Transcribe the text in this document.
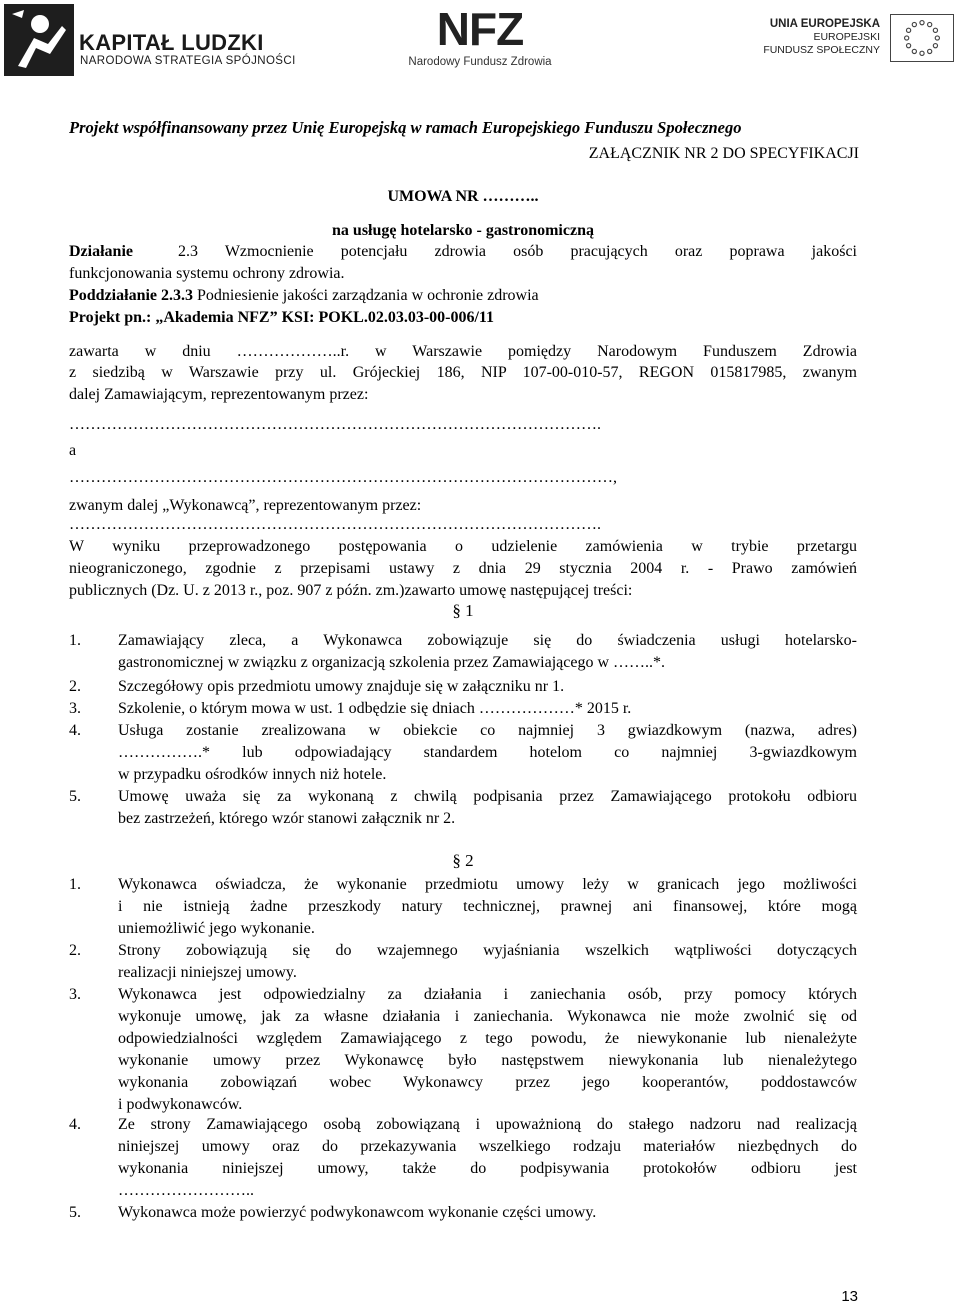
KAPITAŁ LUDZKI
NARODOWA STRATEGIA SPÓJNOŚCI
NFZ
Narodowy Fundusz Zdrowia
UNIA EUROPEJSKA
EUROPEJSKI
FUNDUSZ SPOŁECZNY
Projekt współfinansowany przez Unię Europejską w ramach Europejskiego Funduszu Społecznego
ZAŁĄCZNIK NR 2 DO SPECYFIKACJI
UMOWA NR ………..
na usługę hotelarsko - gastronomiczną
Działanie	2.3 Wzmocnienie potencjału zdrowia osób pracujących oraz poprawa jakości
funkcjonowania systemu ochrony zdrowia.
Poddziałanie 2.3.3 Podniesienie jakości zarządzania w ochronie zdrowia
Projekt pn.: „Akademia NFZ” KSI: POKL.02.03.03-00-006/11
zawarta w dniu ………………..r. w Warszawie pomiędzy Narodowym Funduszem Zdrowia
z siedzibą w Warszawie przy ul. Grójeckiej 186, NIP 107-00-010-57, REGON 015817985, zwanym
dalej Zamawiającym, reprezentowanym przez:
……………………………………………………………………………………….
a
…………………………………………………………………………………………,
zwanym dalej „Wykonawcą”, reprezentowanym przez:
……………………………………………………………………………………….
W wyniku przeprowadzonego postępowania o udzielenie zamówienia w trybie przetargu
nieograniczonego, zgodnie z przepisami ustawy z dnia 29 stycznia 2004 r. - Prawo zamówień
publicznych (Dz. U. z 2013 r., poz. 907 z późn. zm.)zawarto umowę następującej treści:
§ 1
1.	Zamawiający zleca, a Wykonawca zobowiązuje się do świadczenia usługi hotelarsko-
gastronomicznej w związku z organizacją szkolenia przez Zamawiającego w ……..*.
2.	Szczegółowy opis przedmiotu umowy znajduje się w załączniku nr 1.
3.	Szkolenie, o którym mowa w ust. 1 odbędzie się dniach ………………* 2015 r.
4.	Usługa zostanie zrealizowana w obiekcie co najmniej 3 gwiazdkowym (nazwa, adres)
…………….* lub odpowiadający standardem hotelom co najmniej 3-gwiazdkowym
w przypadku ośrodków innych niż hotele.
5.	Umowę uważa się za wykonaną z chwilą podpisania przez Zamawiającego protokołu odbioru
bez zastrzeżeń, którego wzór stanowi załącznik nr 2.
§ 2
1.	Wykonawca oświadcza, że wykonanie przedmiotu umowy leży w granicach jego możliwości
i nie istnieją żadne przeszkody natury technicznej, prawnej ani finansowej, które mogą
uniemożliwić jego wykonanie.
2.	Strony zobowiązują się do wzajemnego wyjaśniania wszelkich wątpliwości dotyczących
realizacji niniejszej umowy.
3.	Wykonawca jest odpowiedzialny za działania i zaniechania osób, przy pomocy których
wykonuje umowę, jak za własne działania i zaniechania. Wykonawca nie może zwolnić się od
odpowiedzialności względem Zamawiającego z tego powodu, że niewykonanie lub nienależyte
wykonanie umowy przez Wykonawcę było następstwem niewykonania lub nienależytego
wykonania zobowiązań wobec Wykonawcy przez jego kooperantów, poddostawców
i podwykonawców.
4.	Ze strony Zamawiającego osobą zobowiązaną i upoważnioną do stałego nadzoru nad realizacją
niniejszej umowy oraz do przekazywania wszelkiego rodzaju materiałów niezbędnych do
wykonania niniejszej umowy, także do podpisywania protokołów odbioru jest
……………………..
5.	Wykonawca może powierzyć podwykonawcom wykonanie części umowy.
13
